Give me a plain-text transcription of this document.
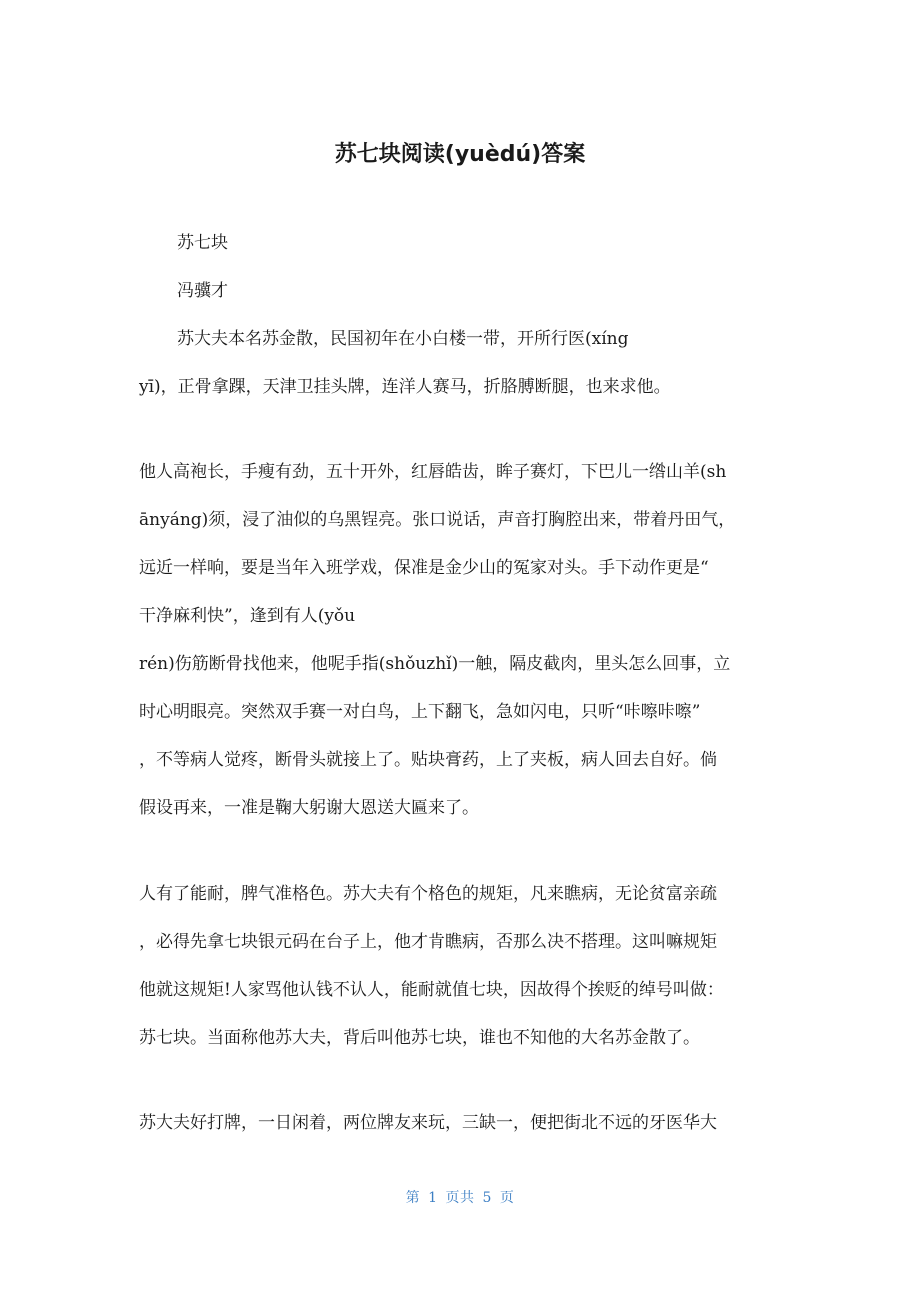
苏七块阅读(yuèdú)答案

苏七块

冯骥才

苏大夫本名苏金散，民国初年在小白楼一带，开所行医(xíng

yī)，正骨拿踝，天津卫挂头牌，连洋人赛马，折胳膊断腿，也来求他。

他人高袍长，手瘦有劲，五十开外，红唇皓齿，眸子赛灯，下巴儿一绺山羊(sh

ānyáng)须，浸了油似的乌黑锃亮。张口说话，声音打胸腔出来，带着丹田气，

远近一样响，要是当年入班学戏，保准是金少山的冤家对头。手下动作更是“

干净麻利快”，逢到有人(yǒu

rén)伤筋断骨找他来，他呢手指(shǒuzhǐ)一触，隔皮截肉，里头怎么回事，立

时心明眼亮。突然双手赛一对白鸟，上下翻飞，急如闪电，只听“咔嚓咔嚓”

，不等病人觉疼，断骨头就接上了。贴块膏药，上了夹板，病人回去自好。倘

假设再来，一准是鞠大躬谢大恩送大匾来了。

人有了能耐，脾气准格色。苏大夫有个格色的规矩，凡来瞧病，无论贫富亲疏

，必得先拿七块银元码在台子上，他才肯瞧病，否那么决不搭理。这叫嘛规矩

他就这规矩!人家骂他认钱不认人，能耐就值七块，因故得个挨贬的绰号叫做：

苏七块。当面称他苏大夫，背后叫他苏七块，谁也不知他的大名苏金散了。

苏大夫好打牌，一日闲着，两位牌友来玩，三缺一，便把街北不远的牙医华大

第 1 页共 5 页
